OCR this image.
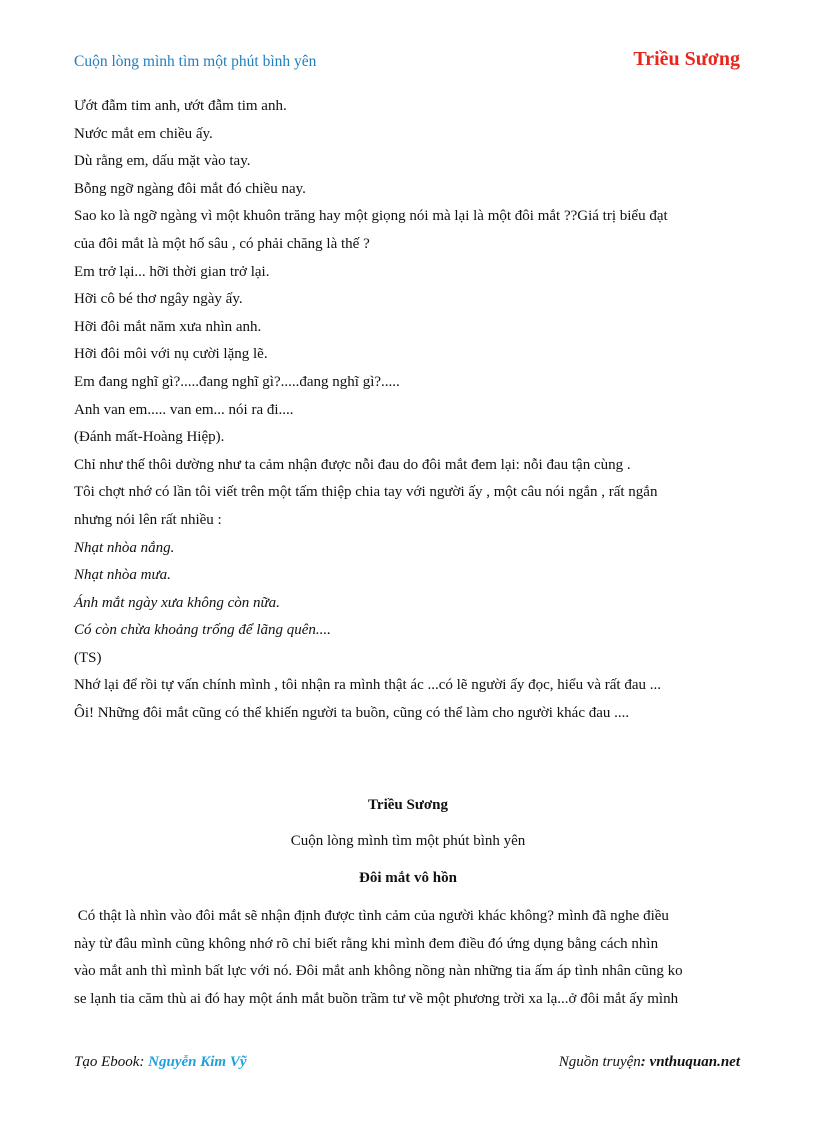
Cuộn lòng mình tìm một phút bình yên	Triều Sương
Ướt đẫm tim anh, ướt đẫm tim anh.
Nước mắt em chiều ấy.
Dù rằng em, dấu mặt vào tay.
Bỗng ngỡ ngàng đôi mắt đó chiều nay.
Sao ko là ngỡ ngàng vì một khuôn trăng hay một giọng nói mà lại là một đôi mắt ??Giá trị biểu đạt
của đôi mắt là một hố sâu , có phải chăng là thế ?
Em trở lại... hỡi thời gian trở lại.
Hỡi cô bé thơ ngây ngày ấy.
Hỡi đôi mắt năm xưa nhìn anh.
Hỡi đôi môi với nụ cười lặng lẽ.
Em đang nghĩ gì?.....đang nghĩ gì?.....đang nghĩ gì?.....
Anh van em..... van em... nói ra đi....
(Đánh mất-Hoàng Hiệp).
Chỉ như thế thôi dường như ta cảm nhận được nỗi đau do đôi mắt đem lại: nỗi đau tận cùng .
Tôi chợt nhớ có lần tôi viết trên một tấm thiệp chia tay với người ấy , một câu nói ngắn , rất ngắn
nhưng nói lên rất nhiều :
Nhạt nhòa nắng.
Nhạt nhòa mưa.
Ánh mắt ngày xưa không còn nữa.
Có còn chừa khoảng trống để lãng quên....
(TS)
Nhớ lại để rồi tự vấn chính mình , tôi nhận ra mình thật ác ...có lẽ người ấy đọc, hiểu và rất đau ...
Ôi! Những đôi mắt cũng có thể khiến người ta buồn, cũng có thể làm cho người khác đau ....
Triều Sương
Cuộn lòng mình tìm một phút bình yên
Đôi mắt vô hồn
Có thật là nhìn vào đôi mắt sẽ nhận định được tình cảm của người khác không? mình đã nghe điều
này từ đâu mình cũng không nhớ rõ chỉ biết rằng khi mình đem điều đó ứng dụng bằng cách nhìn
vào mắt anh thì mình bất lực với nó. Đôi mắt anh không nồng nàn những tia ấm áp tình nhân cũng ko
se lạnh tia căm thù ai đó hay một ánh mắt buồn trầm tư về một phương trời xa lạ...ở đôi mắt ấy mình
Tạo Ebook: Nguyễn Kim Vỹ	Nguồn truyện: vnthuquan.net
